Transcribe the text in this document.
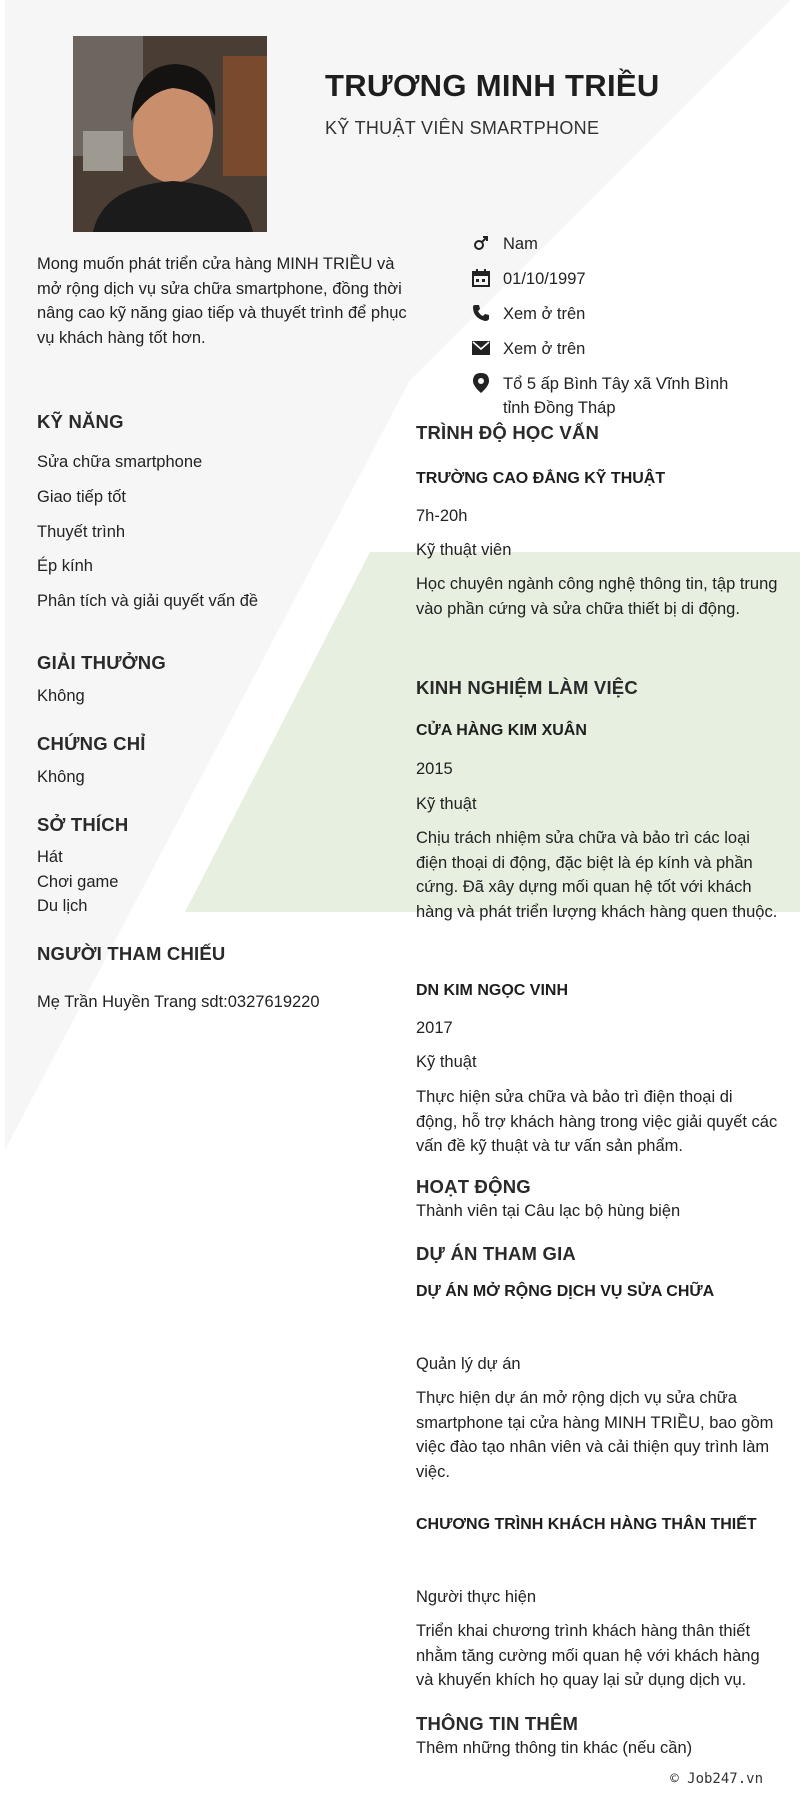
TRƯƠNG MINH TRIỀU
KỸ THUẬT VIÊN SMARTPHONE
Mong muốn phát triển cửa hàng MINH TRIỀU và mở rộng dịch vụ sửa chữa smartphone, đồng thời nâng cao kỹ năng giao tiếp và thuyết trình để phục vụ khách hàng tốt hơn.
Nam
01/10/1997
Xem ở trên
Xem ở trên
Tổ 5 ấp Bình Tây xã Vĩnh Bình
tỉnh Đồng Tháp
KỸ NĂNG
Sửa chữa smartphone
Giao tiếp tốt
Thuyết trình
Ép kính
Phân tích và giải quyết vấn đề
GIẢI THƯỞNG
Không
CHỨNG CHỈ
Không
SỞ THÍCH
Hát
Chơi game
Du lịch
NGƯỜI THAM CHIẾU
Mẹ Trần Huyền Trang sdt:0327619220
TRÌNH ĐỘ HỌC VẤN
TRƯỜNG CAO ĐẲNG KỸ THUẬT
7h-20h
Kỹ thuật viên
Học chuyên ngành công nghệ thông tin, tập trung vào phần cứng và sửa chữa thiết bị di động.
KINH NGHIỆM LÀM VIỆC
CỬA HÀNG KIM XUÂN
2015
Kỹ thuật
Chịu trách nhiệm sửa chữa và bảo trì các loại điện thoại di động, đặc biệt là ép kính và phần cứng. Đã xây dựng mối quan hệ tốt với khách hàng và phát triển lượng khách hàng quen thuộc.
DN KIM NGỌC VINH
2017
Kỹ thuật
Thực hiện sửa chữa và bảo trì điện thoại di động, hỗ trợ khách hàng trong việc giải quyết các vấn đề kỹ thuật và tư vấn sản phẩm.
HOẠT ĐỘNG
Thành viên tại Câu lạc bộ hùng biện
DỰ ÁN THAM GIA
DỰ ÁN MỞ RỘNG DỊCH VỤ SỬA CHỮA
Quản lý dự án
Thực hiện dự án mở rộng dịch vụ sửa chữa smartphone tại cửa hàng MINH TRIỀU, bao gồm việc đào tạo nhân viên và cải thiện quy trình làm việc.
CHƯƠNG TRÌNH KHÁCH HÀNG THÂN THIẾT
Người thực hiện
Triển khai chương trình khách hàng thân thiết nhằm tăng cường mối quan hệ với khách hàng và khuyến khích họ quay lại sử dụng dịch vụ.
THÔNG TIN THÊM
Thêm những thông tin khác (nếu cần)
© Job247.vn
